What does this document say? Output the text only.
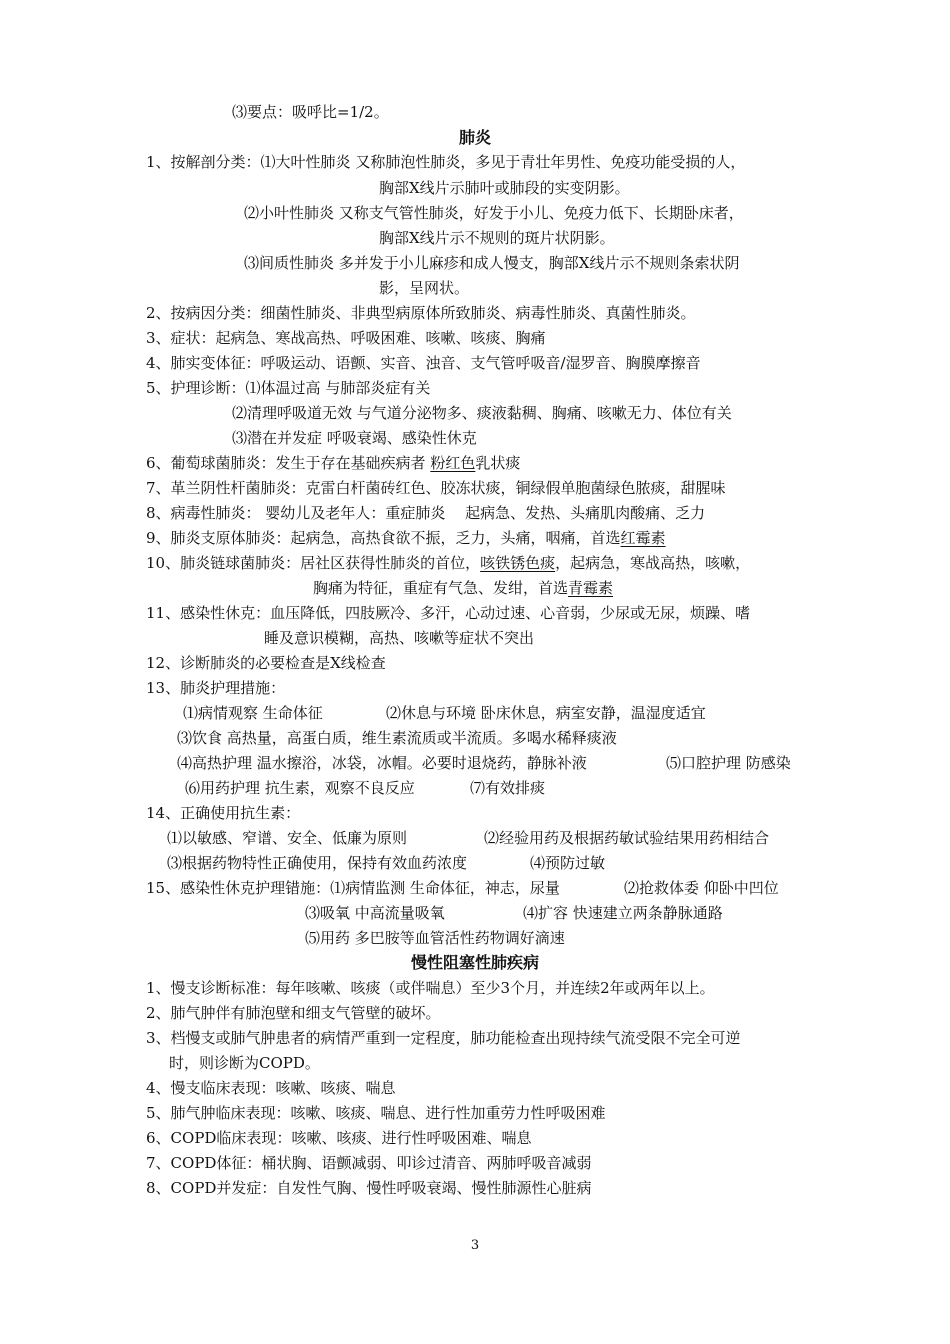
⑶要点：吸呼比=1/2。
肺炎
1、按解剖分类：⑴大叶性肺炎 又称肺泡性肺炎，多见于青壮年男性、免疫功能受损的人，
胸部X线片示肺叶或肺段的实变阴影。
⑵小叶性肺炎 又称支气管性肺炎，好发于小儿、免疫力低下、长期卧床者，
胸部X线片示不规则的斑片状阴影。
⑶间质性肺炎 多并发于小儿麻疹和成人慢支，胸部X线片示不规则条索状阴
影，呈网状。
2、按病因分类：细菌性肺炎、非典型病原体所致肺炎、病毒性肺炎、真菌性肺炎。
3、症状：起病急、寒战高热、呼吸困难、咳嗽、咳痰、胸痛
4、肺实变体征：呼吸运动、语颤、实音、浊音、支气管呼吸音/湿罗音、胸膜摩擦音
5、护理诊断：⑴体温过高 与肺部炎症有关
⑵清理呼吸道无效 与气道分泌物多、痰液黏稠、胸痛、咳嗽无力、体位有关
⑶潜在并发症 呼吸衰竭、感染性休克
6、葡萄球菌肺炎：发生于存在基础疾病者 粉红色乳状痰
7、革兰阴性杆菌肺炎：克雷白杆菌砖红色、胶冻状痰，铜绿假单胞菌绿色脓痰，甜腥味
8、病毒性肺炎： 婴幼儿及老年人：重症肺炎　 起病急、发热、头痛肌肉酸痛、乏力
9、肺炎支原体肺炎：起病急，高热食欲不振，乏力，头痛，咽痛，首选红霉素
10、肺炎链球菌肺炎：居社区获得性肺炎的首位，咳铁锈色痰，起病急，寒战高热，咳嗽，
胸痛为特征，重症有气急、发绀，首选青霉素
11、感染性休克：血压降低，四肢厥冷、多汗，心动过速、心音弱，少尿或无尿，烦躁、嗜
睡及意识模糊，高热、咳嗽等症状不突出
12、诊断肺炎的必要检查是X线检查
13、肺炎护理措施：
⑴病情观察 生命体征	⑵休息与环境 卧床休息，病室安静，温湿度适宜
⑶饮食 高热量，高蛋白质，维生素流质或半流质。多喝水稀释痰液
⑷高热护理 温水擦浴，冰袋，冰帽。必要时退烧药，静脉补液	⑸口腔护理 防感染
⑹用药护理 抗生素，观察不良反应	⑺有效排痰
14、正确使用抗生素：
⑴以敏感、窄谱、安全、低廉为原则	⑵经验用药及根据药敏试验结果用药相结合
⑶根据药物特性正确使用，保持有效血药浓度	⑷预防过敏
15、感染性休克护理错施：⑴病情监测 生命体征，神志，尿量	⑵抢救体委 仰卧中凹位
⑶吸氧 中高流量吸氧	⑷扩容 快速建立两条静脉通路
⑸用药 多巴胺等血管活性药物调好滴速
慢性阻塞性肺疾病
1、慢支诊断标准：每年咳嗽、咳痰（或伴喘息）至少3个月，并连续2年或两年以上。
2、肺气肿伴有肺泡壁和细支气管壁的破坏。
3、档慢支或肺气肿患者的病情严重到一定程度，肺功能检查出现持续气流受限不完全可逆
时，则诊断为COPD。
4、慢支临床表现：咳嗽、咳痰、喘息
5、肺气肿临床表现：咳嗽、咳痰、喘息、进行性加重劳力性呼吸困难
6、COPD临床表现：咳嗽、咳痰、进行性呼吸困难、喘息
7、COPD体征：桶状胸、语颤减弱、叩诊过清音、两肺呼吸音减弱
8、COPD并发症：自发性气胸、慢性呼吸衰竭、慢性肺源性心脏病
3
